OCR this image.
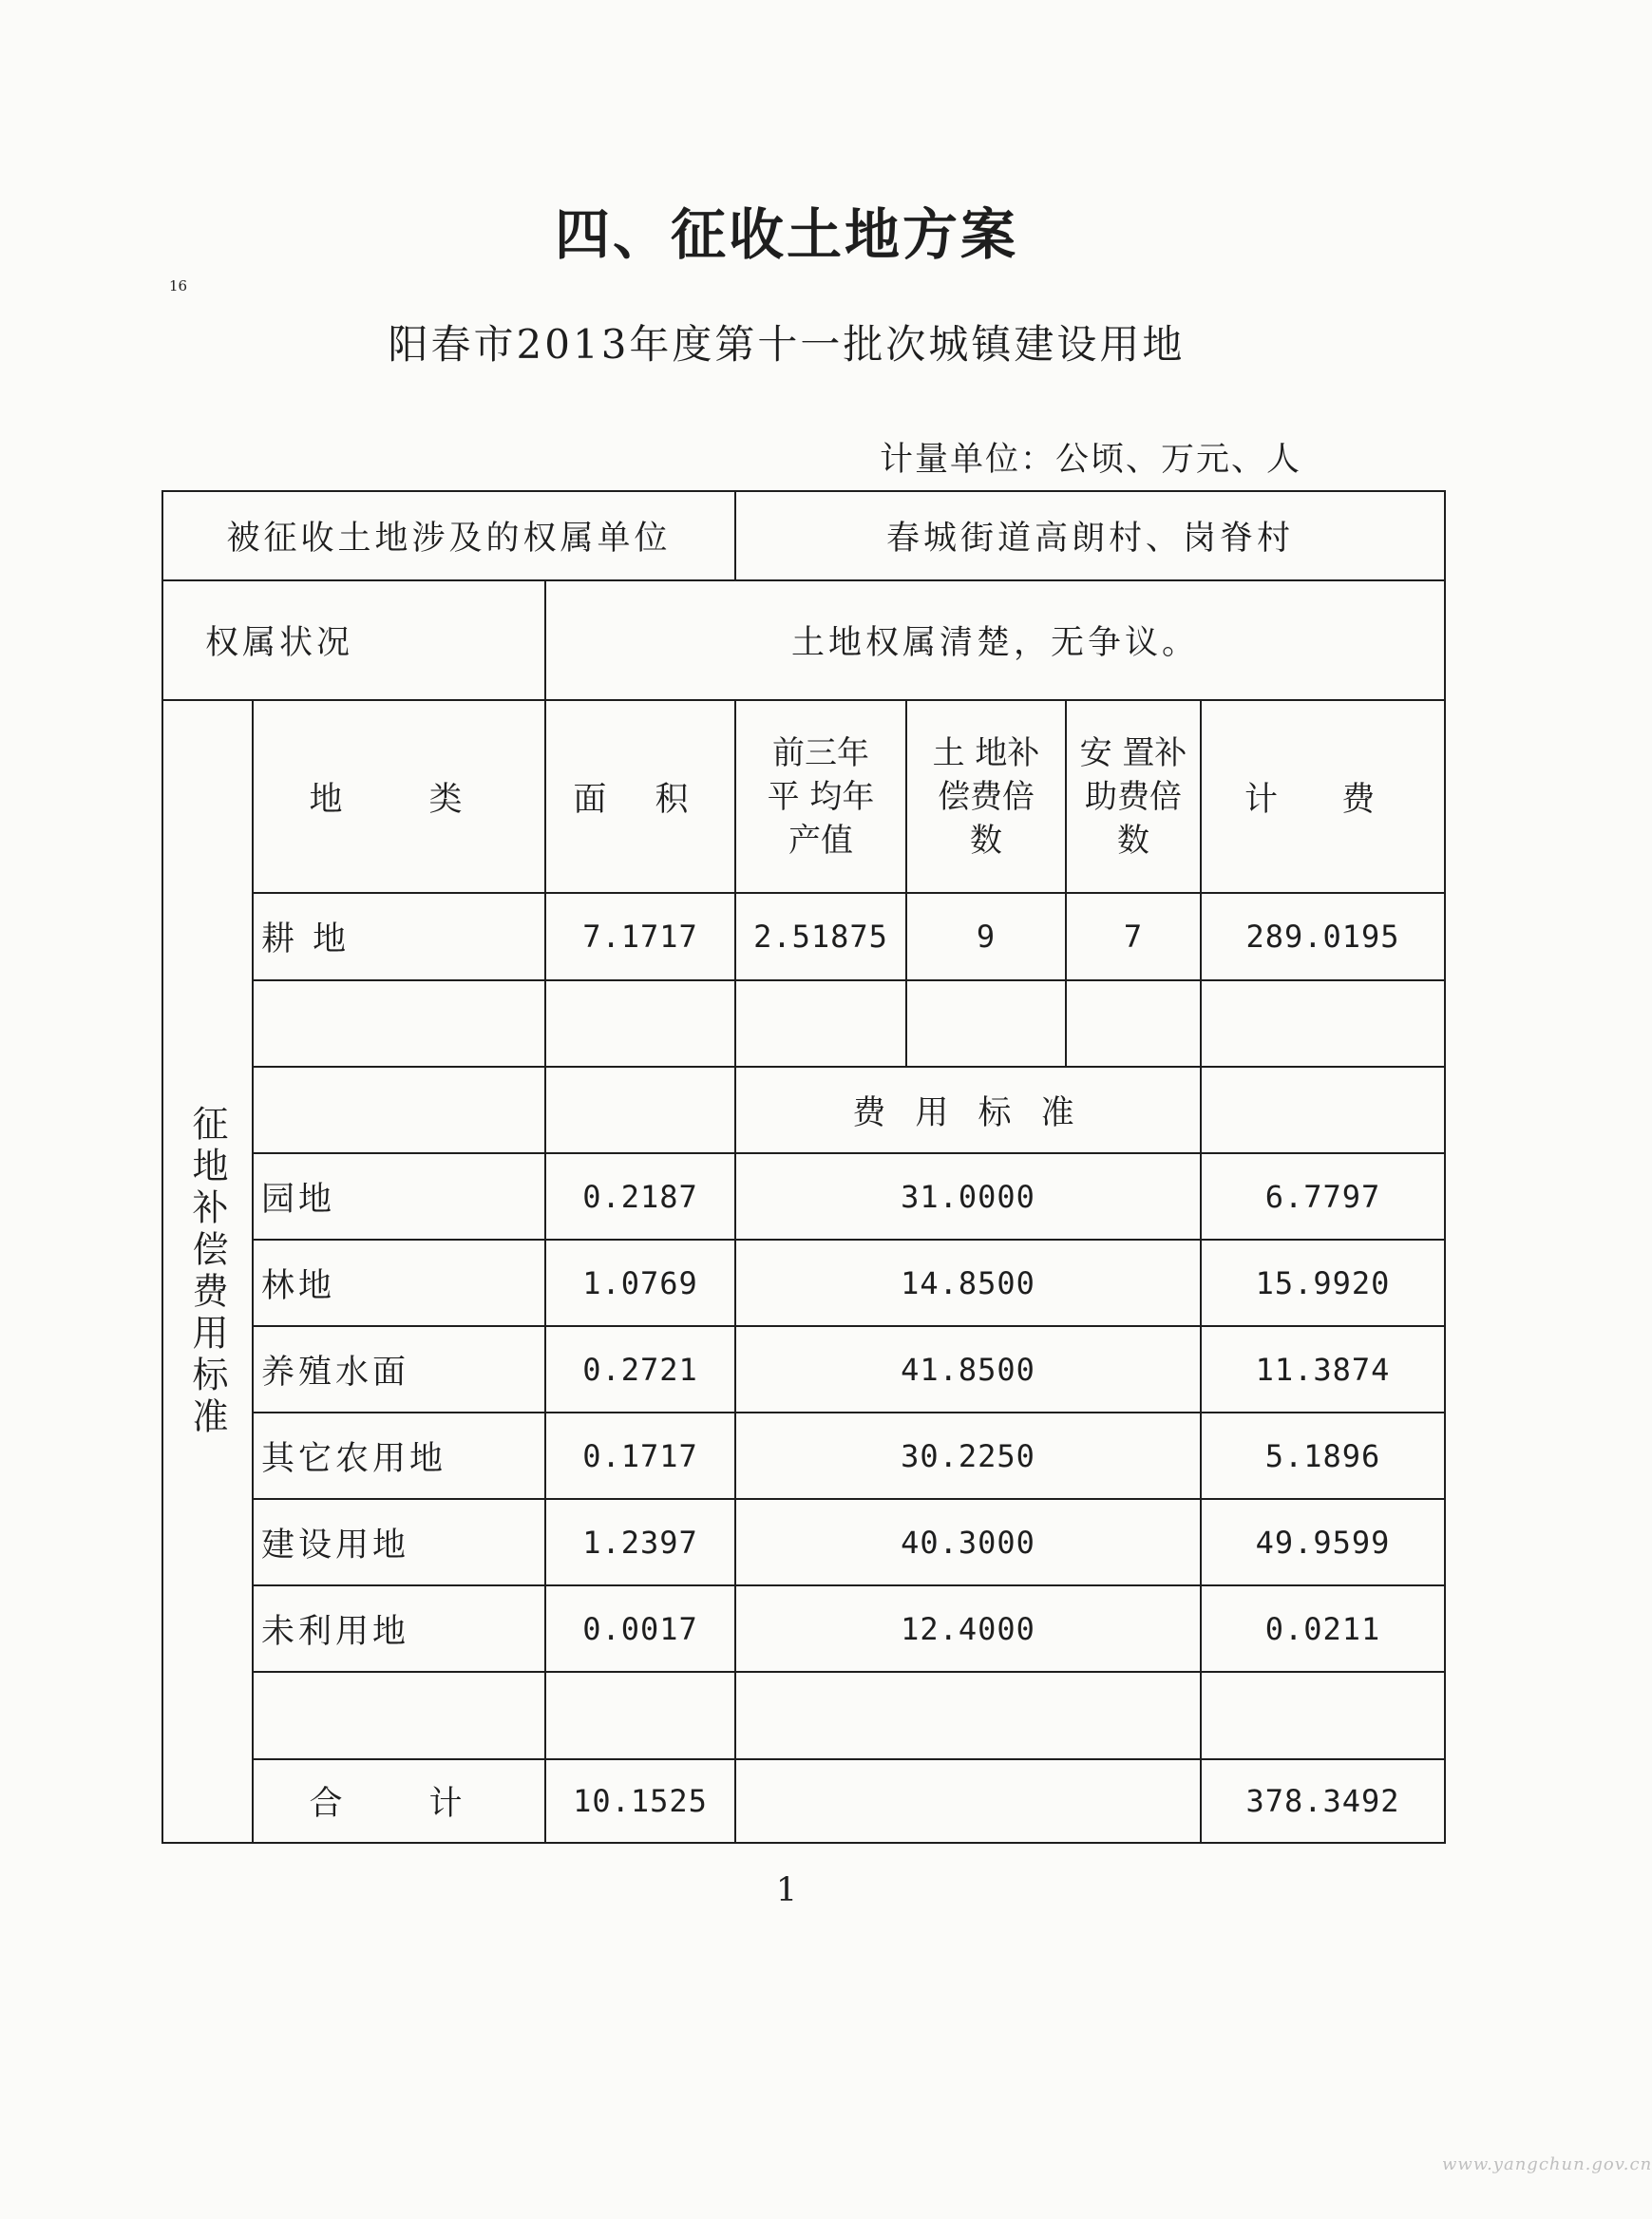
四、征收土地方案
16
阳春市2013年度第十一批次城镇建设用地
计量单位：公顷、万元、人
被征收土地涉及的权属单位			春城街道高朗村、岗脊村			
权属状况		土地权属清楚，无争议。				

征地补偿费用标准	地　类	面 积	前三年平 均年产值	土 地补偿费倍 数	安 置补助费倍 数	计 费
	耕 地	7.1717	2.51875	9	7	289.0195

			费 用 标 准			
	园地	0.2187	31.0000			6.7797
	林地	1.0769	14.8500			15.9920
	养殖水面	0.2721	41.8500			11.3874
	其它农用地	0.1717	30.2250			5.1896
	建设用地	1.2397	40.3000			49.9599
	未利用地	0.0017	12.4000			0.0211

	合　计	10.1525				378.3492
1
www.yangchun.gov.cn
